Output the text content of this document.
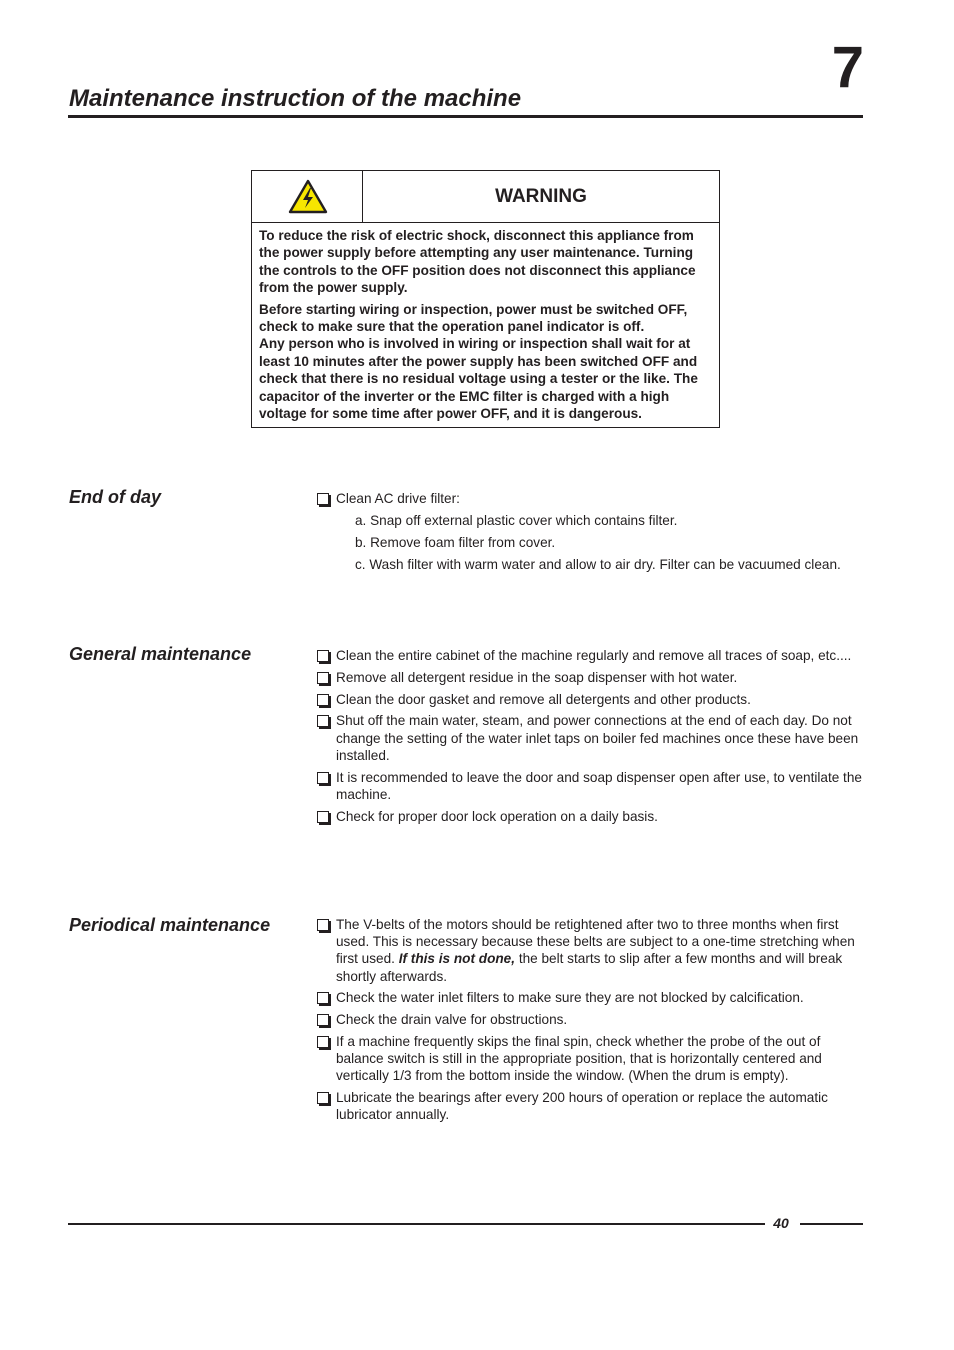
7
Maintenance instruction of the machine
WARNING

To reduce the risk of electric shock, disconnect this appliance from the power supply before attempting any user maintenance. Turning the controls to the OFF position does not disconnect this appliance from the power supply.

Before starting wiring or inspection, power must be switched OFF, check to make sure that the operation panel indicator is off.

Any person who is involved in wiring or inspection shall wait for at least 10 minutes after the power supply has been switched OFF and check that there is no residual voltage using a tester or the like. The capacitor of the inverter or the EMC filter is charged with a high voltage for some time after power OFF, and it is dangerous.

End of day	Clean AC drive filter:
a. Snap off external plastic cover which contains filter.
b. Remove foam filter from cover.
c. Wash filter with warm water and allow to air dry. Filter can be vacuumed clean.
General maintenance	Clean the entire cabinet of the machine regularly and remove all traces of soap, etc....
Remove all detergent residue in the soap dispenser with hot water.
Clean the door gasket and remove all detergents and other products.
Shut off the main water, steam, and power connections at the end of each day. Do not change the setting of the water inlet taps on boiler fed machines once these have been installed.
It is recommended to leave the door and soap dispenser open after use, to ventilate the machine.
Check for proper door lock operation on a daily basis.
Periodical maintenance	The V-belts of the motors should be retightened after two to three months when first used. This is necessary because these belts are subject to a one-time stretching when first used. If this is not done, the belt starts to slip after a few months and will break shortly afterwards.
Check the water inlet filters to make sure they are not blocked by calcification.
Check the drain valve for obstructions.
If a machine frequently skips the final spin, check whether the probe of the out of balance switch is still in the appropriate position, that is horizontally centered and vertically 1/3 from the bottom inside the window. (When the drum is empty).
Lubricate the bearings after every 200 hours of operation or replace the automatic lubricator annually.
40
